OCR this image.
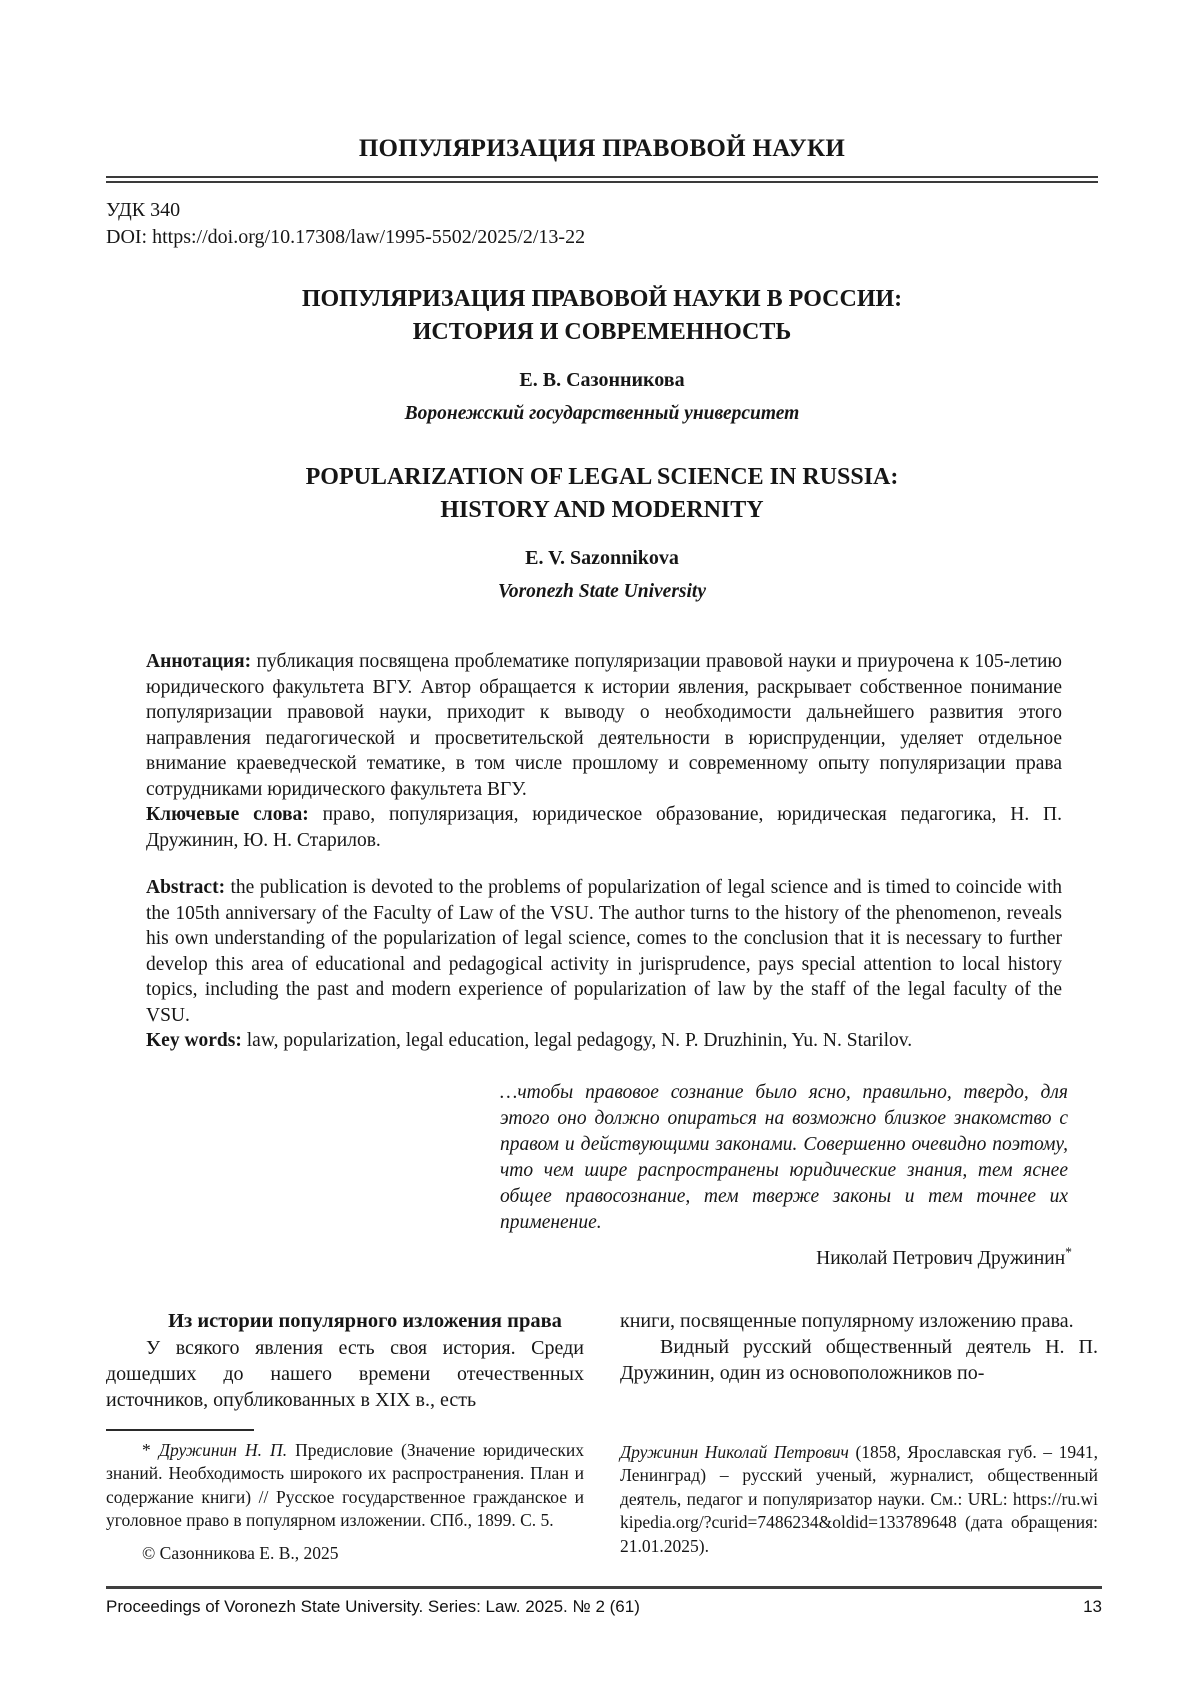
ПОПУЛЯРИЗАЦИЯ ПРАВОВОЙ НАУКИ
УДК 340
DOI: https://doi.org/10.17308/law/1995-5502/2025/2/13-22
ПОПУЛЯРИЗАЦИЯ ПРАВОВОЙ НАУКИ В РОССИИ:
ИСТОРИЯ И СОВРЕМЕННОСТЬ
Е. В. Сазонникова
Воронежский государственный университет
POPULARIZATION OF LEGAL SCIENCE IN RUSSIA:
HISTORY AND MODERNITY
E. V. Sazonnikova
Voronezh State University

Аннотация: публикация посвящена проблематике популяризации правовой науки и приурочена к 105-летию юридического факультета ВГУ. Автор обращается к истории явления, раскрывает собственное понимание популяризации правовой науки, приходит к выводу о необходимости дальнейшего развития этого направления педагогической и просветительской деятельности в юриспруденции, уделяет отдельное внимание краеведческой тематике, в том числе прошлому и современному опыту популяризации права сотрудниками юридического факультета ВГУ.

Ключевые слова: право, популяризация, юридическое образование, юридическая педагогика, Н. П. Дружинин, Ю. Н. Старилов.

Abstract: the publication is devoted to the problems of popularization of legal science and is timed to coincide with the 105th anniversary of the Faculty of Law of the VSU. The author turns to the history of the phenomenon, reveals his own understanding of the popularization of legal science, comes to the conclusion that it is necessary to further develop this area of educational and pedagogical activity in jurisprudence, pays special attention to local history topics, including the past and modern experience of popularization of law by the staff of the legal faculty of the VSU.

Key words: law, popularization, legal education, legal pedagogy, N. P. Druzhinin, Yu. N. Starilov.

…чтобы правовое сознание было ясно, правильно, твердо, для этого оно должно опираться на возможно близкое знакомство с правом и действующими законами. Совершенно очевидно поэтому, что чем шире распространены юридические знания, тем яснее общее правосознание, тем тверже законы и тем точнее их применение.
Николай Петрович Дружинин*

Из истории популярного изложения права

У всякого явления есть своя история. Среди дошедших до нашего времени отечественных источников, опубликованных в XIX в., есть

книги, посвященные популярному изложению права.

Видный русский общественный деятель Н. П. Дружинин, один из основоположников по-

* Дружинин Н. П. Предисловие (Значение юридических знаний. Необходимость широкого их распространения. План и содержание книги) // Русское государственное гражданское и уголовное право в популярном изложении. СПб., 1899. С. 5.

© Сазонникова Е. В., 2025

Дружинин Николай Петрович (1858, Ярославская губ. – 1941, Ленинград) – русский ученый, журналист, общественный деятель, педагог и популяризатор науки. См.: URL: https://ru.wikipedia.org/?curid=7486234&oldid=133789648 (дата обращения: 21.01.2025).

Proceedings of Voronezh State University. Series: Law. 2025. № 2 (61)	13
